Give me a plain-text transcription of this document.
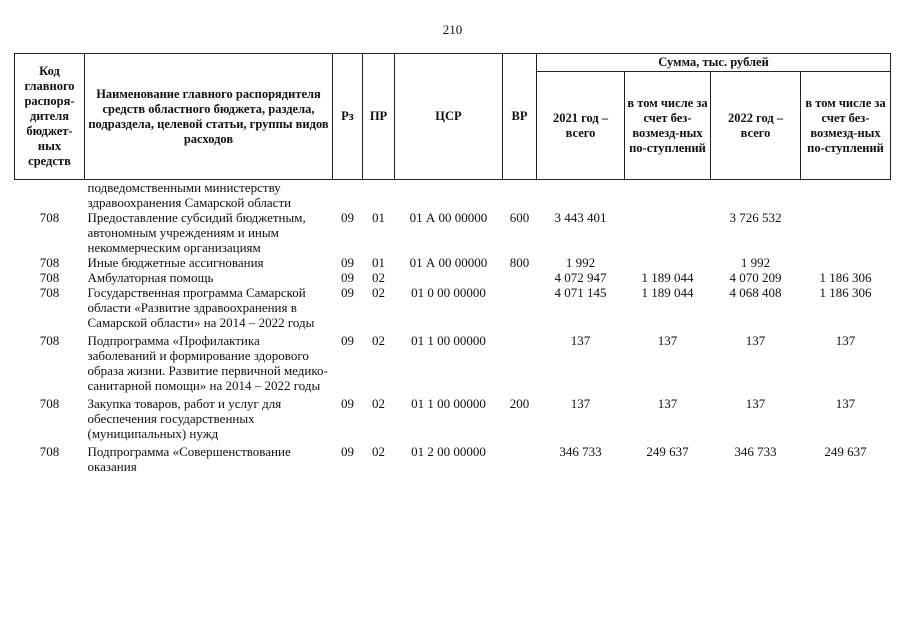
210
Код главного распоря-дителя бюджет-ных средств	Наименование главного распорядителя средств областного бюджета, раздела, подраздела, целевой статьи, группы видов расходов	Рз	ПР	ЦСР	ВР	Сумма, тыс. рублей			
						2021 год – всего	в том числе за счет без-возмезд-ных по-ступлений	2022 год – всего	в том числе за счет без-возмезд-ных по-ступлений
	подведомственными министерству здравоохранения Самарской области								
708	Предоставление субсидий бюджетным, автономным учреждениям и иным некоммерческим организациям	09	01	01 А 00 00000	600	3 443 401		3 726 532	
708	Иные бюджетные ассигнования	09	01	01 А 00 00000	800	1 992		1 992	
708	Амбулаторная помощь	09	02			4 072 947	1 189 044	4 070 209	1 186 306
708	Государственная программа Самарской области «Развитие здравоохранения в Самарской области» на 2014 – 2022 годы	09	02	01 0 00 00000		4 071 145	1 189 044	4 068 408	1 186 306
708	Подпрограмма «Профилактика заболеваний и формирование здорового образа жизни. Развитие первичной медико-санитарной помощи» на 2014 – 2022 годы	09	02	01 1 00 00000		137	137	137	137
708	Закупка товаров, работ и услуг для обеспечения государственных (муниципальных) нужд	09	02	01 1 00 00000	200	137	137	137	137
708	Подпрограмма «Совершенствование оказания	09	02	01 2 00 00000		346 733	249 637	346 733	249 637
